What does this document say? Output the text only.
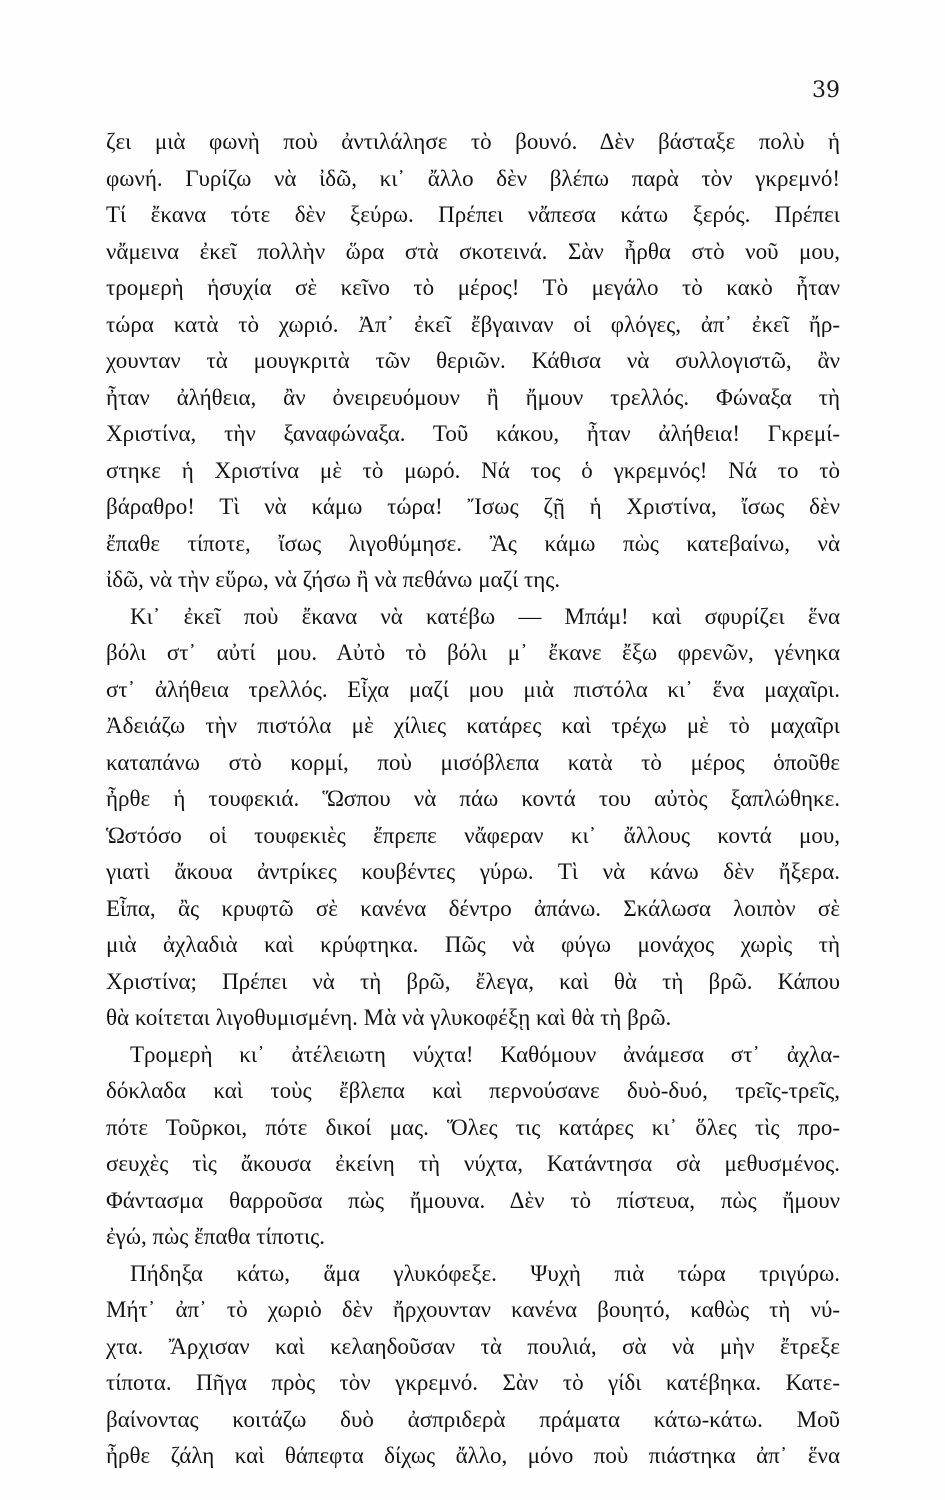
39
ζει μιὰ φωνὴ ποὺ ἀντιλάλησε τὸ βουνό. Δὲν βάσταξε πολὺ ἡ
φωνή. Γυρίζω νὰ ἰδῶ, κι᾿ ἄλλο δὲν βλέπω παρὰ τὸν γκρεμνό!
Τί ἔκανα τότε δὲν ξεύρω. Πρέπει νἄπεσα κάτω ξερός. Πρέπει
νἄμεινα ἐκεῖ πολλὴν ὥρα στὰ σκοτεινά. Σὰν ἦρθα στὸ νοῦ μου,
τρομερὴ ἡσυχία σὲ κεῖνο τὸ μέρος! Τὸ μεγάλο τὸ κακὸ ἦταν
τώρα κατὰ τὸ χωριό. Ἀπ᾿ ἐκεῖ ἔβγαιναν οἱ φλόγες, ἀπ᾿ ἐκεῖ ἤρ-
χουνταν τὰ μουγκριτὰ τῶν θεριῶν. Κάθισα νὰ συλλογιστῶ, ἂν
ἦταν ἀλήθεια, ἂν ὀνειρευόμουν ἢ ἤμουν τρελλός. Φώναξα τὴ
Χριστίνα, τὴν ξαναφώναξα. Τοῦ κάκου, ἦταν ἀλήθεια! Γκρεμί-
στηκε ἡ Χριστίνα μὲ τὸ μωρό. Νά τος ὁ γκρεμνός! Νά το τὸ
βάραθρο! Τὶ νὰ κάμω τώρα! Ἴσως ζῇ ἡ Χριστίνα, ἴσως δὲν
ἔπαθε τίποτε, ἴσως λιγοθύμησε. Ἂς κάμω πὼς κατεβαίνω, νὰ
ἰδῶ, νὰ τὴν εὕρω, νὰ ζήσω ἢ νὰ πεθάνω μαζί της.
Κι᾿ ἐκεῖ ποὺ ἔκανα νὰ κατέβω — Μπάμ! καὶ σφυρίζει ἕνα
βόλι στ᾿ αὐτί μου. Αὐτὸ τὸ βόλι μ᾿ ἔκανε ἔξω φρενῶν, γένηκα
στ᾿ ἀλήθεια τρελλός. Εἶχα μαζί μου μιὰ πιστόλα κι᾿ ἕνα μαχαῖρι.
Ἀδειάζω τὴν πιστόλα μὲ χίλιες κατάρες καὶ τρέχω μὲ τὸ μαχαῖρι
καταπάνω στὸ κορμί, ποὺ μισόβλεπα κατὰ τὸ μέρος ὁποῦθε
ἦρθε ἡ τουφεκιά. Ὥσπου νὰ πάω κοντά του αὐτὸς ξαπλώθηκε.
Ὡστόσο οἱ τουφεκιὲς ἔπρεπε νἄφεραν κι᾿ ἄλλους κοντά μου,
γιατὶ ἄκουα ἀντρίκες κουβέντες γύρω. Τὶ νὰ κάνω δὲν ἤξερα.
Εἶπα, ἂς κρυφτῶ σὲ κανένα δέντρο ἀπάνω. Σκάλωσα λοιπὸν σὲ
μιὰ ἀχλαδιὰ καὶ κρύφτηκα. Πῶς νὰ φύγω μονάχος χωρὶς τὴ
Χριστίνα; Πρέπει νὰ τὴ βρῶ, ἔλεγα, καὶ θὰ τὴ βρῶ. Κάπου
θὰ κοίτεται λιγοθυμισμένη. Μὰ νὰ γλυκοφέξῃ καὶ θὰ τὴ βρῶ.
Τρομερὴ κι᾿ ἀτέλειωτη νύχτα! Καθόμουν ἀνάμεσα στ᾿ ἀχλα-
δόκλαδα καὶ τοὺς ἔβλεπα καὶ περνούσανε δυὸ-δυό, τρεῖς-τρεῖς,
πότε Τοῦρκοι, πότε δικοί μας. Ὅλες τις κατάρες κι᾿ ὅλες τὶς προ-
σευχὲς τὶς ἄκουσα ἐκείνη τὴ νύχτα, Κατάντησα σὰ μεθυσμένος.
Φάντασμα θαρροῦσα πὼς ἤμουνα. Δὲν τὸ πίστευα, πὼς ἤμουν
ἐγώ, πὼς ἔπαθα τίποτις.
Πήδηξα κάτω, ἅμα γλυκόφεξε. Ψυχὴ πιὰ τώρα τριγύρω.
Μήτ᾿ ἀπ᾿ τὸ χωριὸ δὲν ἤρχουνταν κανένα βουητό, καθὼς τὴ νύ-
χτα. Ἄρχισαν καὶ κελαηδοῦσαν τὰ πουλιά, σὰ νὰ μὴν ἔτρεξε
τίποτα. Πῆγα πρὸς τὸν γκρεμνό. Σὰν τὸ γίδι κατέβηκα. Κατε-
βαίνοντας κοιτάζω δυὸ ἀσπριδερὰ πράματα κάτω-κάτω. Μοῦ
ἦρθε ζάλη καὶ θάπεφτα δίχως ἄλλο, μόνο ποὺ πιάστηκα ἀπ᾿ ἕνα
